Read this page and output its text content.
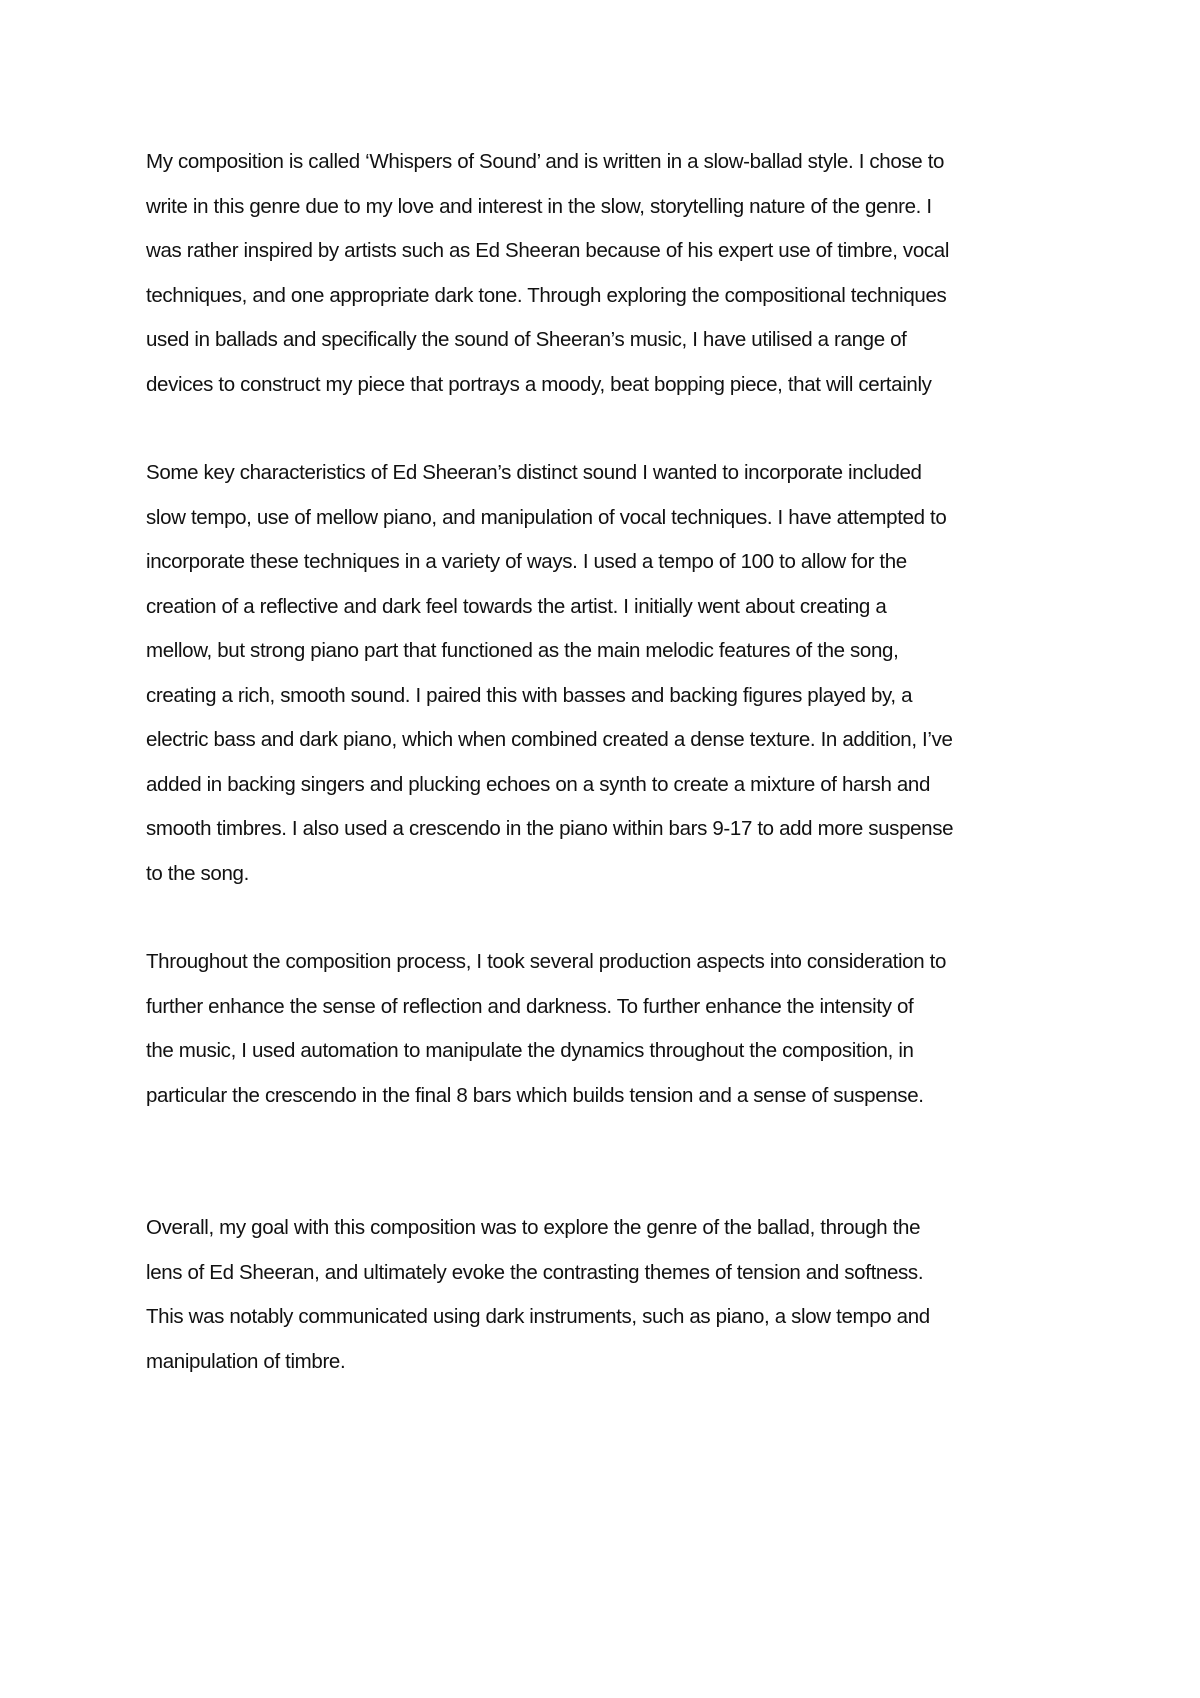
My composition is called ‘Whispers of Sound’ and is written in a slow-ballad style. I chose to
write in this genre due to my love and interest in the slow, storytelling nature of the genre. I
was rather inspired by artists such as Ed Sheeran because of his expert use of timbre, vocal
techniques, and one appropriate dark tone. Through exploring the compositional techniques
used in ballads and specifically the sound of Sheeran’s music, I have utilised a range of
devices to construct my piece that portrays a moody, beat bopping piece, that will certainly
Some key characteristics of Ed Sheeran’s distinct sound I wanted to incorporate included
slow tempo, use of mellow piano, and manipulation of vocal techniques. I have attempted to
incorporate these techniques in a variety of ways. I used a tempo of 100 to allow for the
creation of a reflective and dark feel towards the artist. I initially went about creating a
mellow, but strong piano part that functioned as the main melodic features of the song,
creating a rich, smooth sound. I paired this with basses and backing figures played by, a
electric bass and dark piano, which when combined created a dense texture. In addition, I’ve
added in backing singers and plucking echoes on a synth to create a mixture of harsh and
smooth timbres. I also used a crescendo in the piano within bars 9-17 to add more suspense
to the song.
Throughout the composition process, I took several production aspects into consideration to
further enhance the sense of reflection and darkness. To further enhance the intensity of
the music, I used automation to manipulate the dynamics throughout the composition, in
particular the crescendo in the final 8 bars which builds tension and a sense of suspense.
Overall, my goal with this composition was to explore the genre of the ballad, through the
lens of Ed Sheeran, and ultimately evoke the contrasting themes of tension and softness.
This was notably communicated using dark instruments, such as piano, a slow tempo and
manipulation of timbre.
